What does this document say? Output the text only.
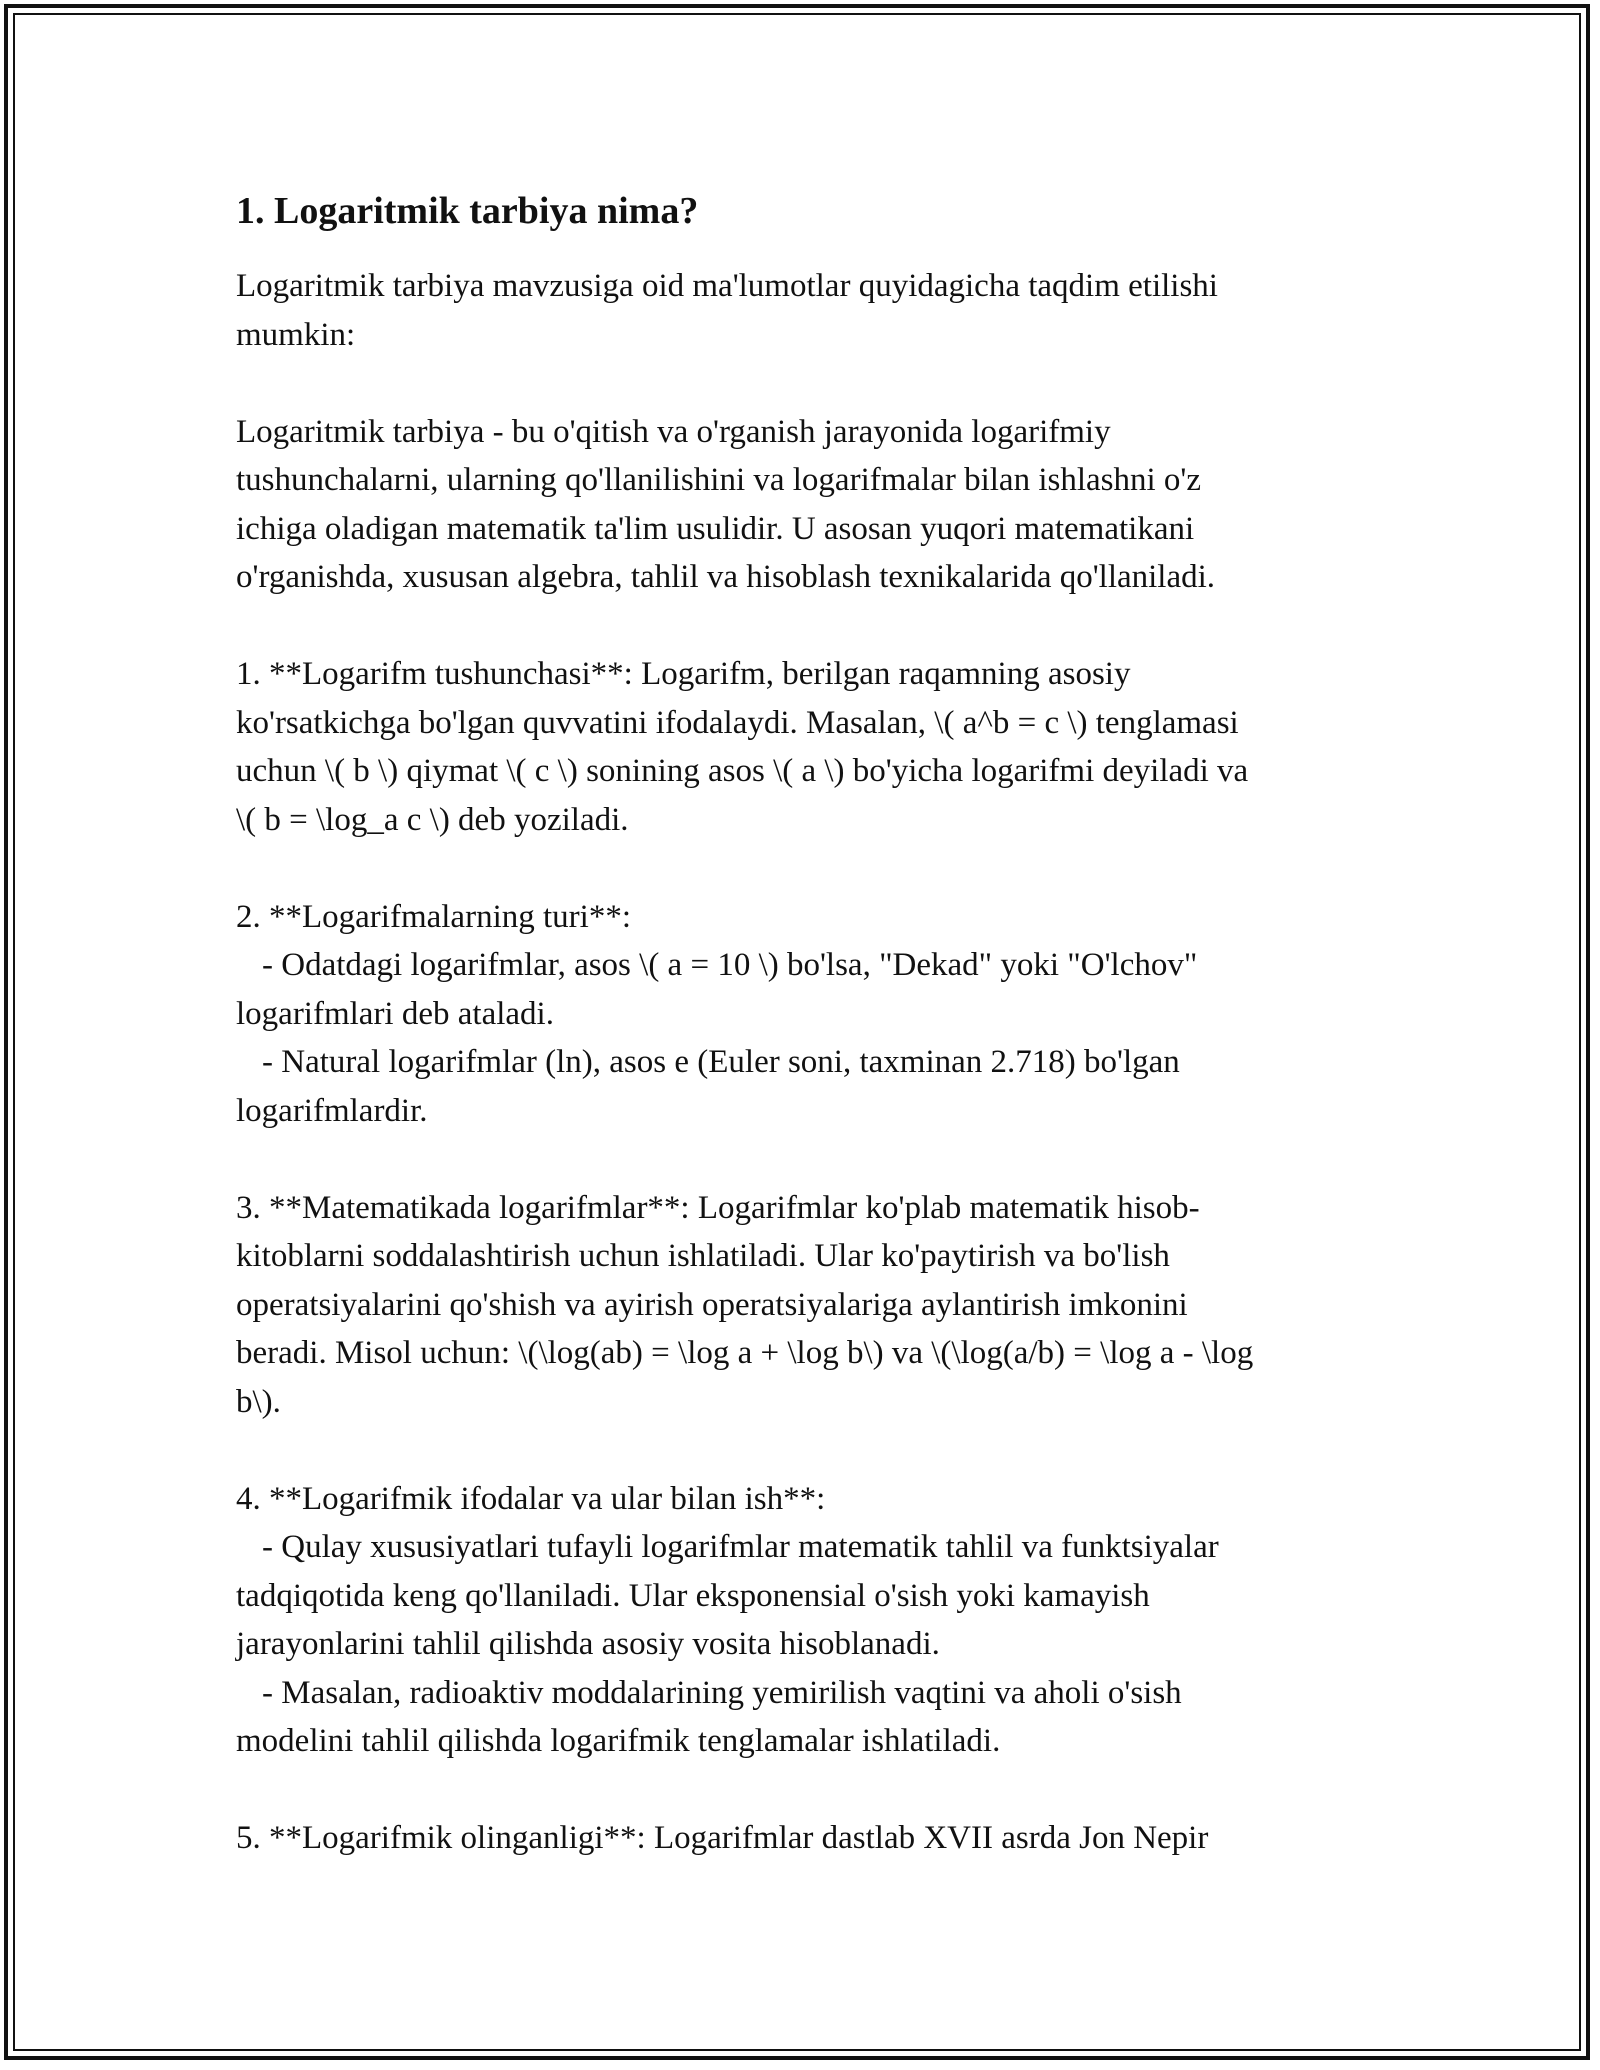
1. Logaritmik tarbiya nima?
Logaritmik tarbiya mavzusiga oid ma'lumotlar quyidagicha taqdim etilishi
mumkin:
Logaritmik tarbiya - bu o'qitish va o'rganish jarayonida logarifmiy
tushunchalarni, ularning qo'llanilishini va logarifmalar bilan ishlashni o'z
ichiga oladigan matematik ta'lim usulidir. U asosan yuqori matematikani
o'rganishda, xususan algebra, tahlil va hisoblash texnikalarida qo'llaniladi.
1. **Logarifm tushunchasi**: Logarifm, berilgan raqamning asosiy
ko'rsatkichga bo'lgan quvvatini ifodalaydi. Masalan, \( a^b = c \) tenglamasi
uchun \( b \) qiymat \( c \) sonining asos \( a \) bo'yicha logarifmi deyiladi va
\( b = \log_a c \) deb yoziladi.
2. **Logarifmalarning turi**:
- Odatdagi logarifmlar, asos \( a = 10 \) bo'lsa, "Dekad" yoki "O'lchov"
logarifmlari deb ataladi.
- Natural logarifmlar (ln), asos e (Euler soni, taxminan 2.718) bo'lgan
logarifmlardir.
3. **Matematikada logarifmlar**: Logarifmlar ko'plab matematik hisob-
kitoblarni soddalashtirish uchun ishlatiladi. Ular ko'paytirish va bo'lish
operatsiyalarini qo'shish va ayirish operatsiyalariga aylantirish imkonini
beradi. Misol uchun: \(\log(ab) = \log a + \log b\) va \(\log(a/b) = \log a - \log
b\).
4. **Logarifmik ifodalar va ular bilan ish**:
- Qulay xususiyatlari tufayli logarifmlar matematik tahlil va funktsiyalar
tadqiqotida keng qo'llaniladi. Ular eksponensial o'sish yoki kamayish
jarayonlarini tahlil qilishda asosiy vosita hisoblanadi.
- Masalan, radioaktiv moddalarining yemirilish vaqtini va aholi o'sish
modelini tahlil qilishda logarifmik tenglamalar ishlatiladi.
5. **Logarifmik olinganligi**: Logarifmlar dastlab XVII asrda Jon Nepir
